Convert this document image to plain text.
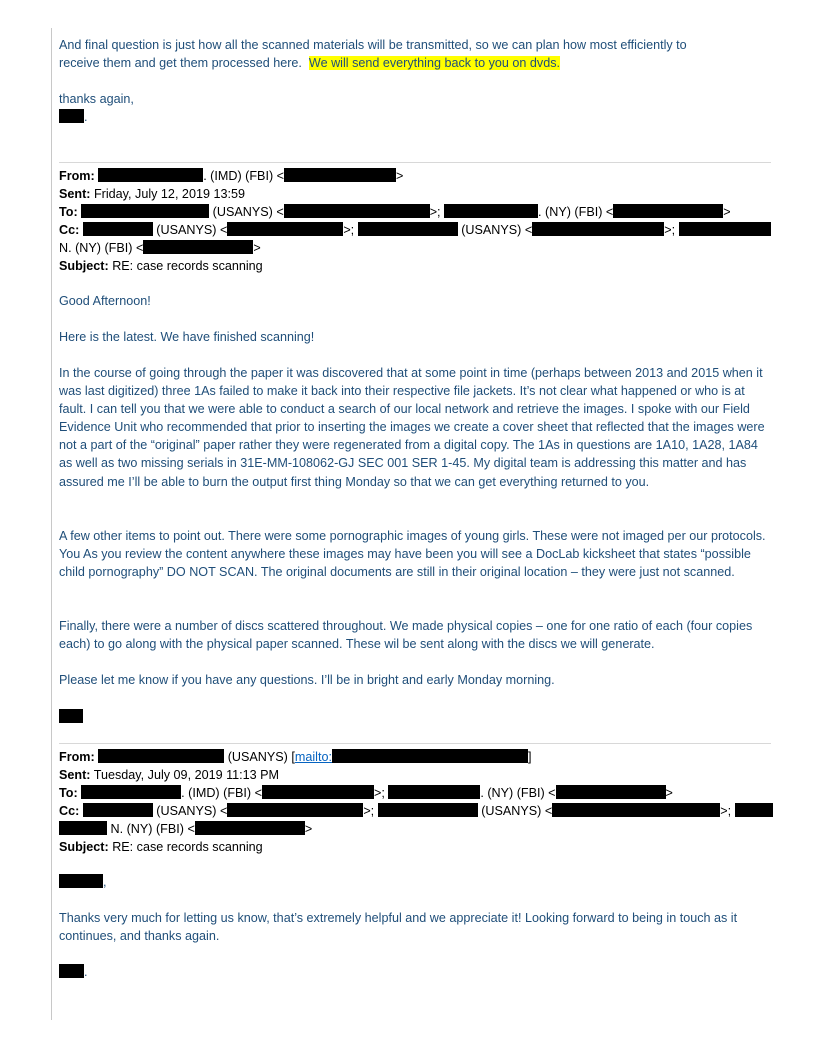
And final question is just how all the scanned materials will be transmitted, so we can plan how most efficiently to
receive them and get them processed here. We will send everything back to you on dvds.
thanks again,
.
From:	. (IMD) (FBI) <	>
Sent: Friday, July 12, 2019 13:59
To:	(USANYS) <	>;	. (NY) (FBI) <	>
Cc:	(USANYS) <	>;	(USANYS) <	>;
N. (NY) (FBI) <	>
Subject: RE: case records scanning
Good Afternoon!
Here is the latest. We have finished scanning!
In the course of going through the paper it was discovered that at some point in time (perhaps between 2013 and 2015 when it was last digitized) three 1As failed to make it back into their respective file jackets. It’s not clear what happened or who is at fault. I can tell you that we were able to conduct a search of our local network and retrieve the images. I spoke with our Field Evidence Unit who recommended that prior to inserting the images we create a cover sheet that reflected that the images were not a part of the “original” paper rather they were regenerated from a digital copy. The 1As in questions are 1A10, 1A28, 1A84 as well as two missing serials in 31E-MM-108062-GJ SEC 001 SER 1-45. My digital team is addressing this matter and has assured me I’ll be able to burn the output first thing Monday so that we can get everything returned to you.
A few other items to point out. There were some pornographic images of young girls. These were not imaged per our protocols. You As you review the content anywhere these images may have been you will see a DocLab kicksheet that states “possible child pornography” DO NOT SCAN. The original documents are still in their original location – they were just not scanned.
Finally, there were a number of discs scattered throughout. We made physical copies – one for one ratio of each (four copies each) to go along with the physical paper scanned. These wil be sent along with the discs we will generate.
Please let me know if you have any questions. I’ll be in bright and early Monday morning.
From:	(USANYS) [mailto:	]
Sent: Tuesday, July 09, 2019 11:13 PM
To:	. (IMD) (FBI) <	>;	. (NY) (FBI) <	>
Cc:	(USANYS) <	>;	(USANYS) <	>;
N. (NY) (FBI) <	>
Subject: RE: case records scanning
,
Thanks very much for letting us know, that’s extremely helpful and we appreciate it! Looking forward to being in touch as it continues, and thanks again.
.
